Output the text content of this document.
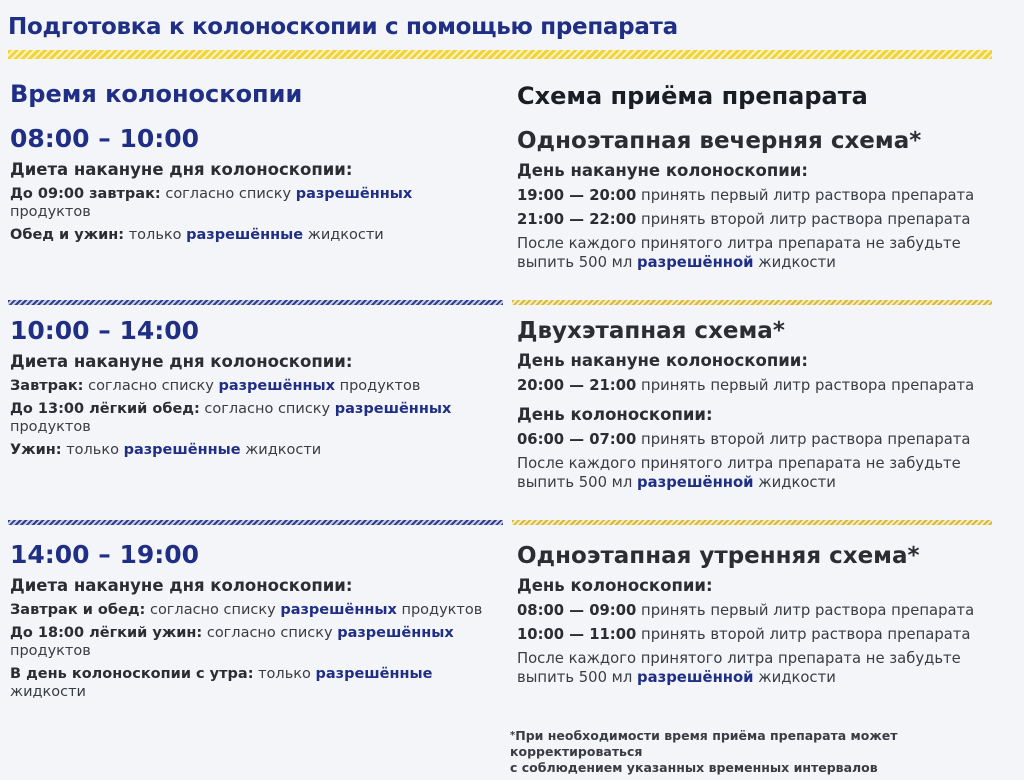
Подготовка к колоноскопии с помощью препарата
Время колоноскопии	Схема приёма препарата
08:00 – 10:00
Диета накануне дня колоноскопии:
До 09:00 завтрак: согласно списку разрешённых продуктов
Обед и ужин: только разрешённые жидкости
Одноэтапная вечерняя схема*
День накануне колоноскопии:
19:00 — 20:00 принять первый литр раствора препарата
21:00 — 22:00 принять второй литр раствора препарата
После каждого принятого литра препарата не забудьте
выпить 500 мл разрешённой жидкости
10:00 – 14:00
Диета накануне дня колоноскопии:
Завтрак: согласно списку разрешённых продуктов
До 13:00 лёгкий обед: согласно списку разрешённых продуктов
Ужин: только разрешённые жидкости
Двухэтапная схема*
День накануне колоноскопии:
20:00 — 21:00 принять первый литр раствора препарата
День колоноскопии:
06:00 — 07:00 принять второй литр раствора препарата
После каждого принятого литра препарата не забудьте
выпить 500 мл разрешённой жидкости
14:00 – 19:00
Диета накануне дня колоноскопии:
Завтрак и обед: согласно списку разрешённых продуктов
До 18:00 лёгкий ужин: согласно списку разрешённых продуктов
В день колоноскопии с утра: только разрешённые жидкости
Одноэтапная утренняя схема*
День колоноскопии:
08:00 — 09:00 принять первый литр раствора препарата
10:00 — 11:00 принять второй литр раствора препарата
После каждого принятого литра препарата не забудьте
выпить 500 мл разрешённой жидкости
*При необходимости время приёма препарата может корректироваться
с соблюдением указанных временных интервалов
